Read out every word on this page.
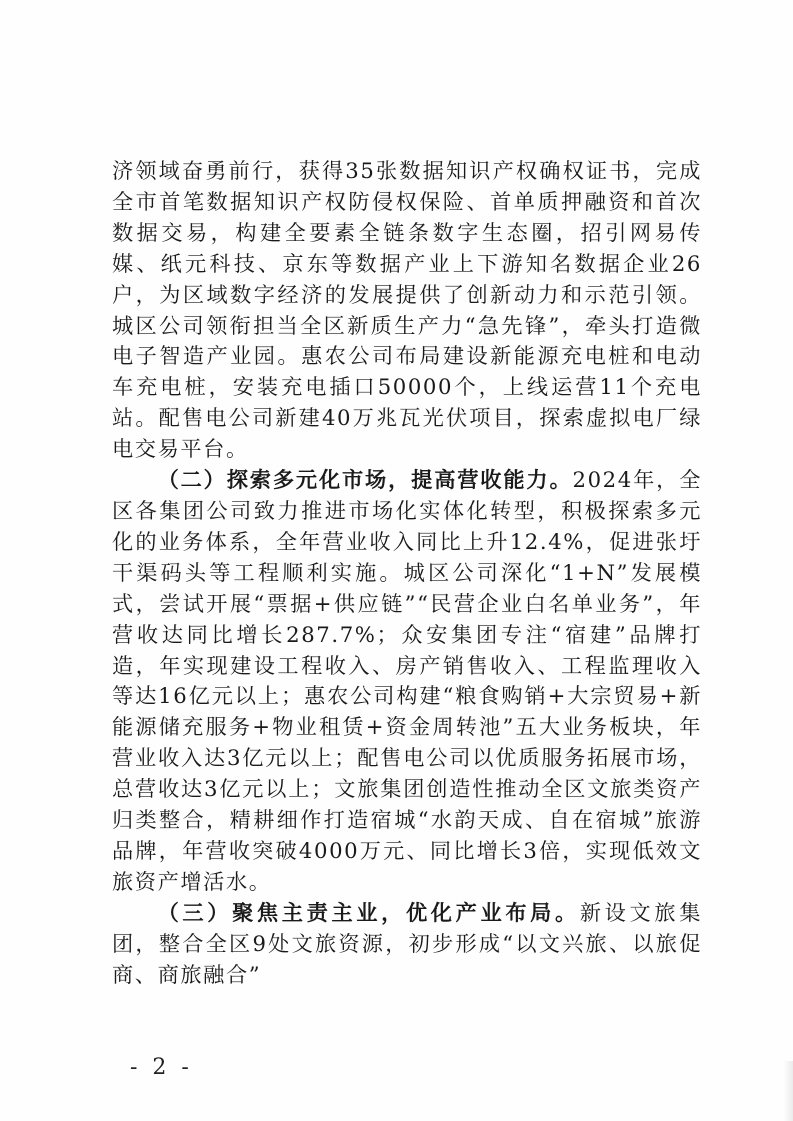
济领域奋勇前行，获得35张数据知识产权确权证书，完成全市首笔数据知识产权防侵权保险、首单质押融资和首次数据交易，构建全要素全链条数字生态圈，招引网易传媒、纸元科技、京东等数据产业上下游知名数据企业26户，为区域数字经济的发展提供了创新动力和示范引领。城区公司领衔担当全区新质生产力“急先锋”，牵头打造微电子智造产业园。惠农公司布局建设新能源充电桩和电动车充电桩，安装充电插口50000个，上线运营11个充电站。配售电公司新建40万兆瓦光伏项目，探索虚拟电厂绿电交易平台。

（二）探索多元化市场，提高营收能力。2024年，全区各集团公司致力推进市场化实体化转型，积极探索多元化的业务体系，全年营业收入同比上升12.4%，促进张圩干渠码头等工程顺利实施。城区公司深化“1+N”发展模式，尝试开展“票据+供应链”“民营企业白名单业务”，年营收达同比增长287.7%；众安集团专注“宿建”品牌打造，年实现建设工程收入、房产销售收入、工程监理收入等达16亿元以上；惠农公司构建“粮食购销+大宗贸易+新能源储充服务+物业租赁+资金周转池”五大业务板块，年营业收入达3亿元以上；配售电公司以优质服务拓展市场，总营收达3亿元以上；文旅集团创造性推动全区文旅类资产归类整合，精耕细作打造宿城“水韵天成、自在宿城”旅游品牌，年营收突破4000万元、同比增长3倍，实现低效文旅资产增活水。

（三）聚焦主责主业，优化产业布局。新设文旅集团，整合全区9处文旅资源，初步形成“以文兴旅、以旅促商、商旅融合”

- 2 -
